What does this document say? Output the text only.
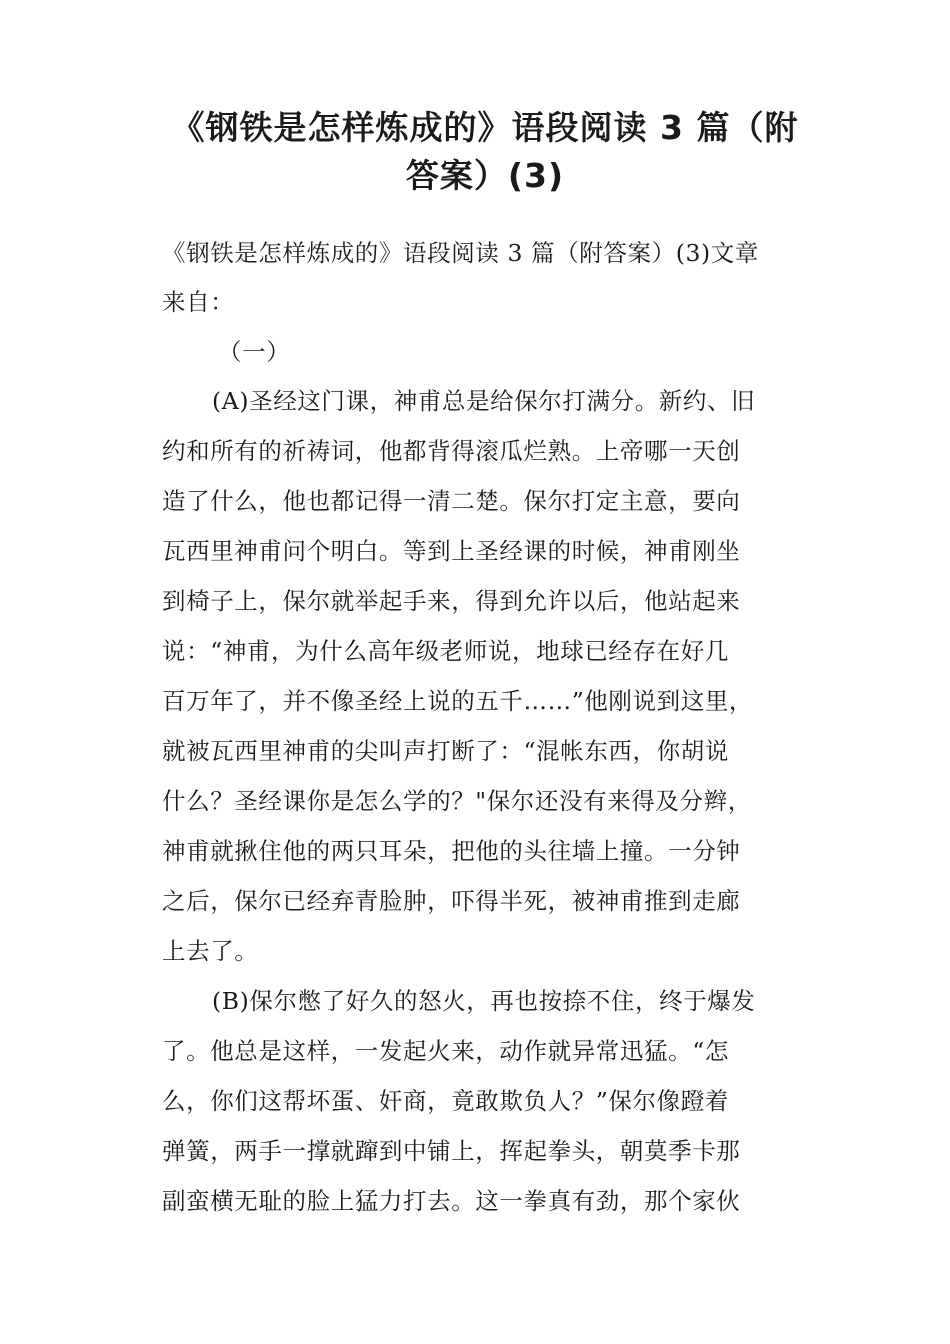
《钢铁是怎样炼成的》语段阅读 3 篇（附
答案）(3)
《钢铁是怎样炼成的》语段阅读 3 篇（附答案）(3)文章
来自：
（一）
(A)圣经这门课，神甫总是给保尔打满分。新约、旧
约和所有的祈祷词，他都背得滚瓜烂熟。上帝哪一天创
造了什么，他也都记得一清二楚。保尔打定主意，要向
瓦西里神甫问个明白。等到上圣经课的时候，神甫刚坐
到椅子上，保尔就举起手来，得到允许以后，他站起来
说：“神甫，为什么高年级老师说，地球已经存在好几
百万年了，并不像圣经上说的五千……”他刚说到这里，
就被瓦西里神甫的尖叫声打断了：“混帐东西，你胡说
什么？圣经课你是怎么学的？"保尔还没有来得及分辫，
神甫就揪住他的两只耳朵，把他的头往墙上撞。一分钟
之后，保尔已经弃青脸肿，吓得半死，被神甫推到走廊
上去了。
(B)保尔憋了好久的怒火，再也按捺不住，终于爆发
了。他总是这样，一发起火来，动作就异常迅猛。“怎
么，你们这帮坏蛋、奸商，竟敢欺负人？”保尔像蹬着
弹簧，两手一撑就蹿到中铺上，挥起拳头，朝莫季卡那
副蛮横无耻的脸上猛力打去。这一拳真有劲，那个家伙
